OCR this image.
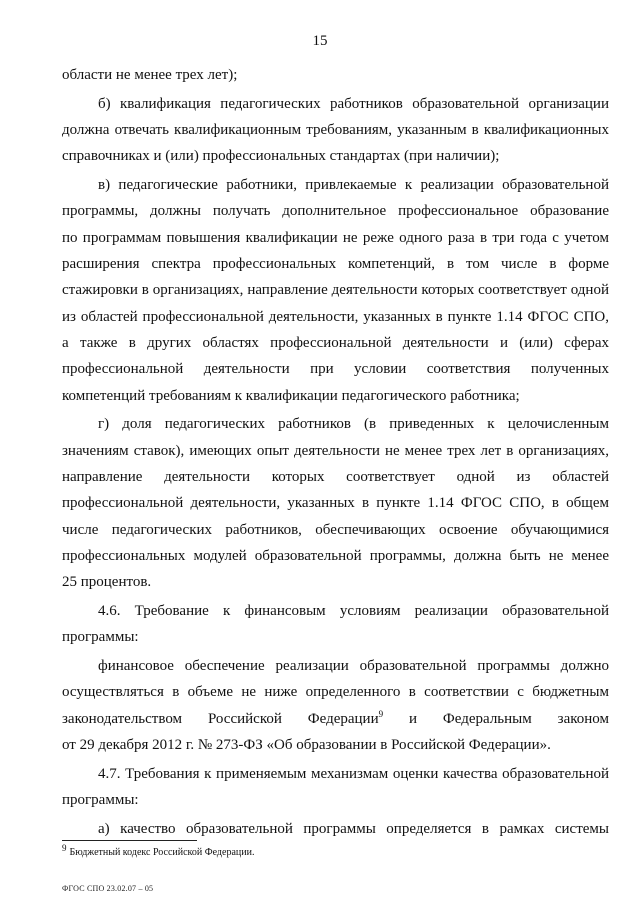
15
области не менее трех лет);
б) квалификация педагогических работников образовательной организации
должна отвечать квалификационным требованиям, указанным в квалификационных
справочниках и (или) профессиональных стандартах (при наличии);
в) педагогические работники, привлекаемые к реализации образовательной
программы, должны получать дополнительное профессиональное образование
по программам повышения квалификации не реже одного раза в три года с учетом
расширения спектра профессиональных компетенций, в том числе в форме
стажировки в организациях, направление деятельности которых соответствует одной
из областей профессиональной деятельности, указанных в пункте 1.14 ФГОС СПО,
а также в других областях профессиональной деятельности и (или) сферах
профессиональной деятельности при условии соответствия полученных
компетенций требованиям к квалификации педагогического работника;
г) доля педагогических работников (в приведенных к целочисленным
значениям ставок), имеющих опыт деятельности не менее трех лет в организациях,
направление деятельности которых соответствует одной из областей
профессиональной деятельности, указанных в пункте 1.14 ФГОС СПО, в общем
числе педагогических работников, обеспечивающих освоение обучающимися
профессиональных модулей образовательной программы, должна быть не менее
25 процентов.
4.6. Требование к финансовым условиям реализации образовательной
программы:
финансовое обеспечение реализации образовательной программы должно
осуществляться в объеме не ниже определенного в соответствии с бюджетным
законодательством Российской Федерации$^9$ и Федеральным законом
от 29 декабря 2012 г. № 273-ФЗ «Об образовании в Российской Федерации».
4.7. Требования к применяемым механизмам оценки качества образовательной
программы:
а) качество образовательной программы определяется в рамках системы
$^9$ Бюджетный кодекс Российской Федерации.
ФГОС СПО 23.02.07 – 05
